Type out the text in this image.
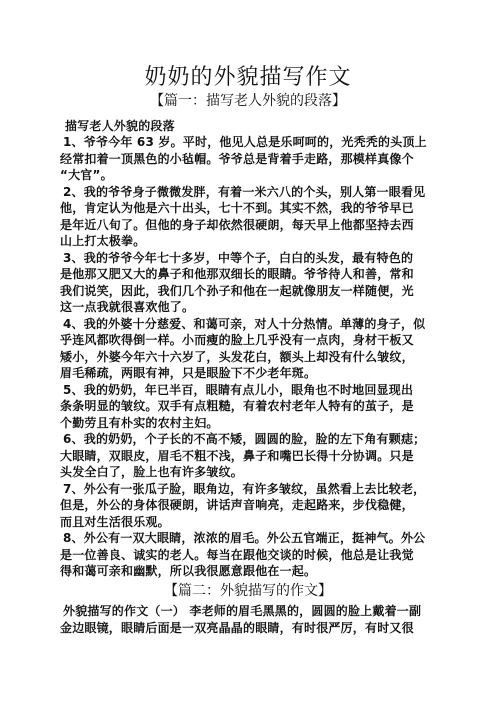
奶奶的外貌描写作文
【篇一：描写老人外貌的段落】
描写老人外貌的段落
1、爷爷今年 63 岁。平时，他见人总是乐呵呵的，光秃秃的头顶上
经常扣着一顶黑色的小毡帽。爷爷总是背着手走路，那模样真像个
“大官”。
2、我的爷爷身子微微发胖，有着一米六八的个头，别人第一眼看见
他，肯定认为他是六十出头，七十不到。其实不然，我的爷爷早已
是年近八旬了。但他的身子却依然很硬朗，每天早上他都坚持去西
山上打太极拳。
3、我的爷爷今年七十多岁，中等个子，白白的头发，最有特色的
是他那又肥又大的鼻子和他那双细长的眼睛。爷爷待人和善，常和
我们说笑，因此，我们几个孙子和他在一起就像朋友一样随便，光
这一点我就很喜欢他了。
4、我的外婆十分慈爱、和蔼可亲，对人十分热情。单薄的身子，似
乎连风都吹得倒一样。小而瘦的脸上几乎没有一点肉，身材干板又
矮小，外婆今年六十六岁了，头发花白，额头上却没有什么皱纹，
眉毛稀疏，两眼有神，只是眼脸下不少老年斑。
5、我的奶奶，年已半百，眼睛有点儿小，眼角也不时地回显现出
条条明显的皱纹。双手有点粗糙，有着农村老年人特有的茧子，是
个勤劳且有朴实的农村主妇。
6、我的奶奶，个子长的不高不矮，圆圆的脸，脸的左下角有颗痣；
大眼睛，双眼皮，眉毛不粗不浅，鼻子和嘴巴长得十分协调。只是
头发全白了，脸上也有许多皱纹。
7、外公有一张瓜子脸，眼角边，有许多皱纹，虽然看上去比较老，
但是，外公的身体很硬朗，讲话声音响亮，走起路来，步伐稳健，
而且对生活很乐观。
8、外公有一双大眼睛，浓浓的眉毛。外公五官端正，挺神气。外公
是一位善良、诚实的老人。每当在跟他交谈的时候，他总是让我觉
得和蔼可亲和幽默，所以我很愿意跟他在一起。
【篇二：外貌描写的作文】
外貌描写的作文（一） 李老师的眉毛黑黑的，圆圆的脸上戴着一副
金边眼镜，眼睛后面是一双亮晶晶的眼睛，有时很严厉，有时又很
